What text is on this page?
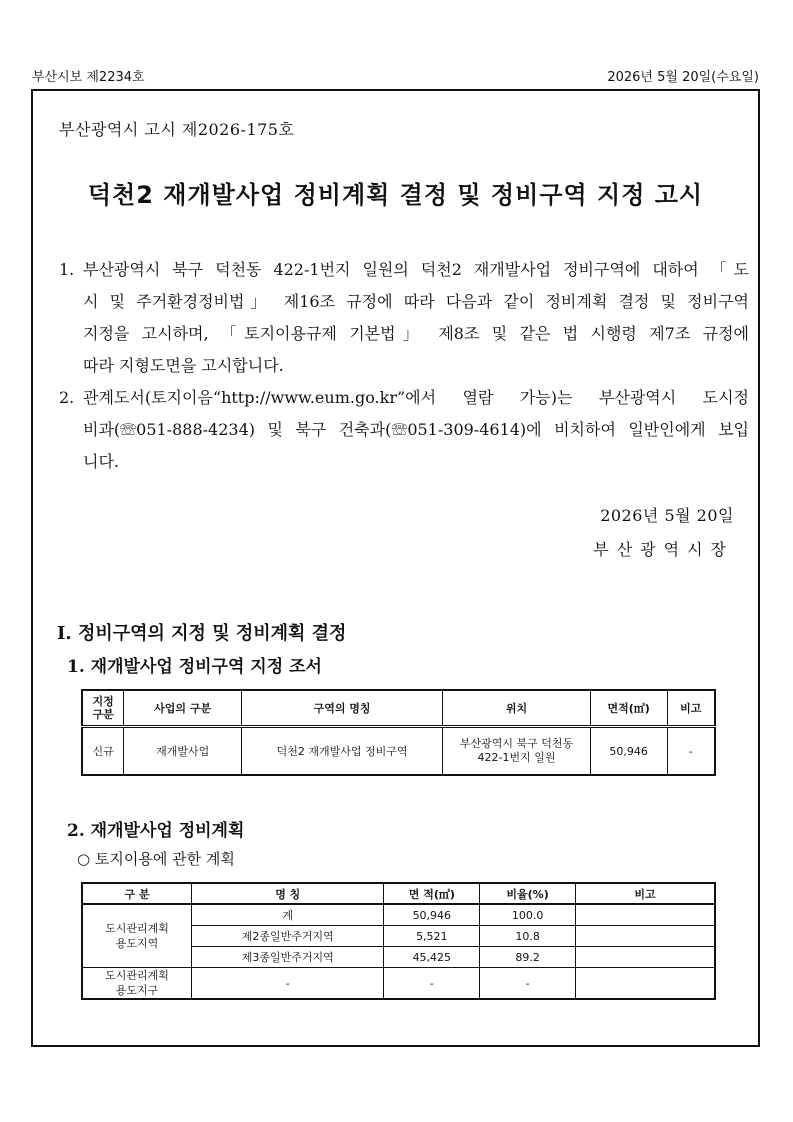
부산시보 제2234호	2026년 5월 20일(수요일)
부산광역시 고시 제2026-175호
덕천2 재개발사업 정비계획 결정 및 정비구역 지정 고시
1. 부산광역시 북구 덕천동 422-1번지 일원의 덕천2 재개발사업 정비구역에 대하여 「도
시 및 주거환경정비법」 제16조 규정에 따라 다음과 같이 정비계획 결정 및 정비구역
지정을 고시하며, 「토지이용규제 기본법」 제8조 및 같은 법 시행령 제7조 규정에
따라 지형도면을 고시합니다.
2. 관계도서(토지이음“http://www.eum.go.kr”에서 열람 가능)는 부산광역시 도시정
비과(☏051-888-4234) 및 북구 건축과(☏051-309-4614)에 비치하여 일반인에게 보입
니다.
2026년 5월 20일
부산광역시장
I. 정비구역의 지정 및 정비계획 결정
1. 재개발사업 정비구역 지정 조서
지정
구분	사업의 구분	구역의 명칭	위치	면적(㎡)	비고
신규	재개발사업	덕천2 재개발사업 정비구역	부산광역시 북구 덕천동
422-1번지 일원	50,946	-
2. 재개발사업 정비계획
○ 토지이용에 관한 계획
구 분	명 칭	면 적(㎡)	비율(%)	비고
도시관리계획
용도지역	계	50,946	100.0	
	제2종일반주거지역	5,521	10.8	
	제3종일반주거지역	45,425	89.2	
도시관리계획
용도지구	-	-	-	
